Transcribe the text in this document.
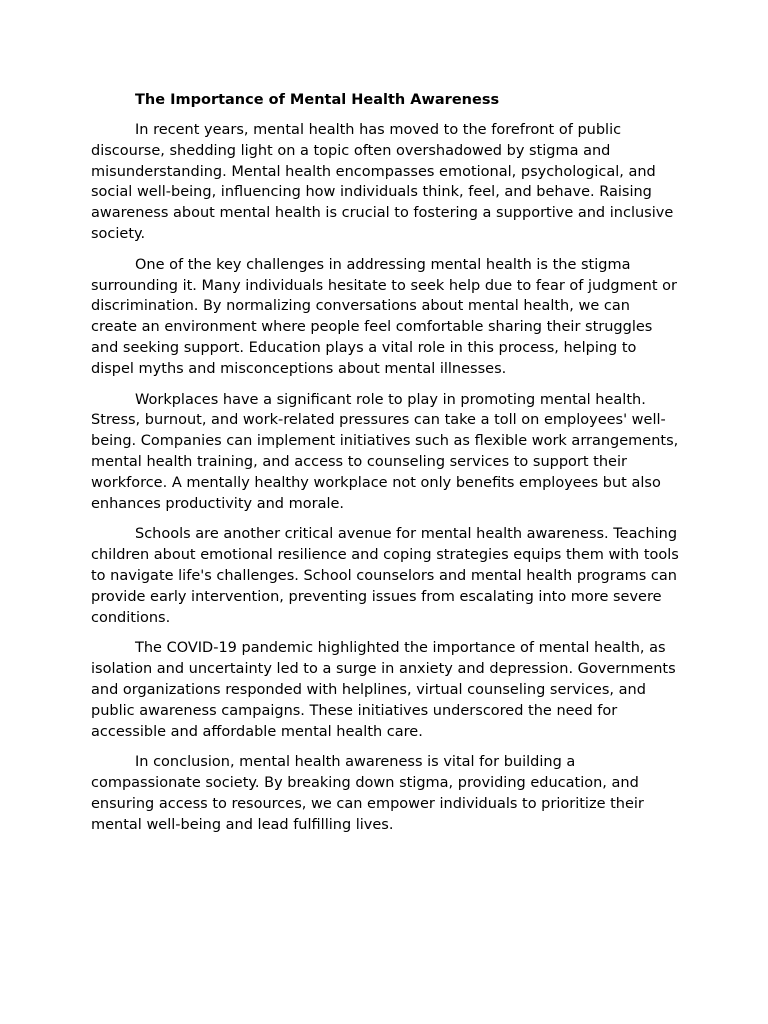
The Importance of Mental Health Awareness

In recent years, mental health has moved to the forefront of public discourse, shedding light on a topic often overshadowed by stigma and misunderstanding. Mental health encompasses emotional, psychological, and social well-being, influencing how individuals think, feel, and behave. Raising awareness about mental health is crucial to fostering a supportive and inclusive society.

One of the key challenges in addressing mental health is the stigma surrounding it. Many individuals hesitate to seek help due to fear of judgment or discrimination. By normalizing conversations about mental health, we can create an environment where people feel comfortable sharing their struggles and seeking support. Education plays a vital role in this process, helping to dispel myths and misconceptions about mental illnesses.

Workplaces have a significant role to play in promoting mental health. Stress, burnout, and work-related pressures can take a toll on employees' well-being. Companies can implement initiatives such as flexible work arrangements, mental health training, and access to counseling services to support their workforce. A mentally healthy workplace not only benefits employees but also enhances productivity and morale.

Schools are another critical avenue for mental health awareness. Teaching children about emotional resilience and coping strategies equips them with tools to navigate life's challenges. School counselors and mental health programs can provide early intervention, preventing issues from escalating into more severe conditions.

The COVID-19 pandemic highlighted the importance of mental health, as isolation and uncertainty led to a surge in anxiety and depression. Governments and organizations responded with helplines, virtual counseling services, and public awareness campaigns. These initiatives underscored the need for accessible and affordable mental health care.

In conclusion, mental health awareness is vital for building a compassionate society. By breaking down stigma, providing education, and ensuring access to resources, we can empower individuals to prioritize their mental well-being and lead fulfilling lives.
